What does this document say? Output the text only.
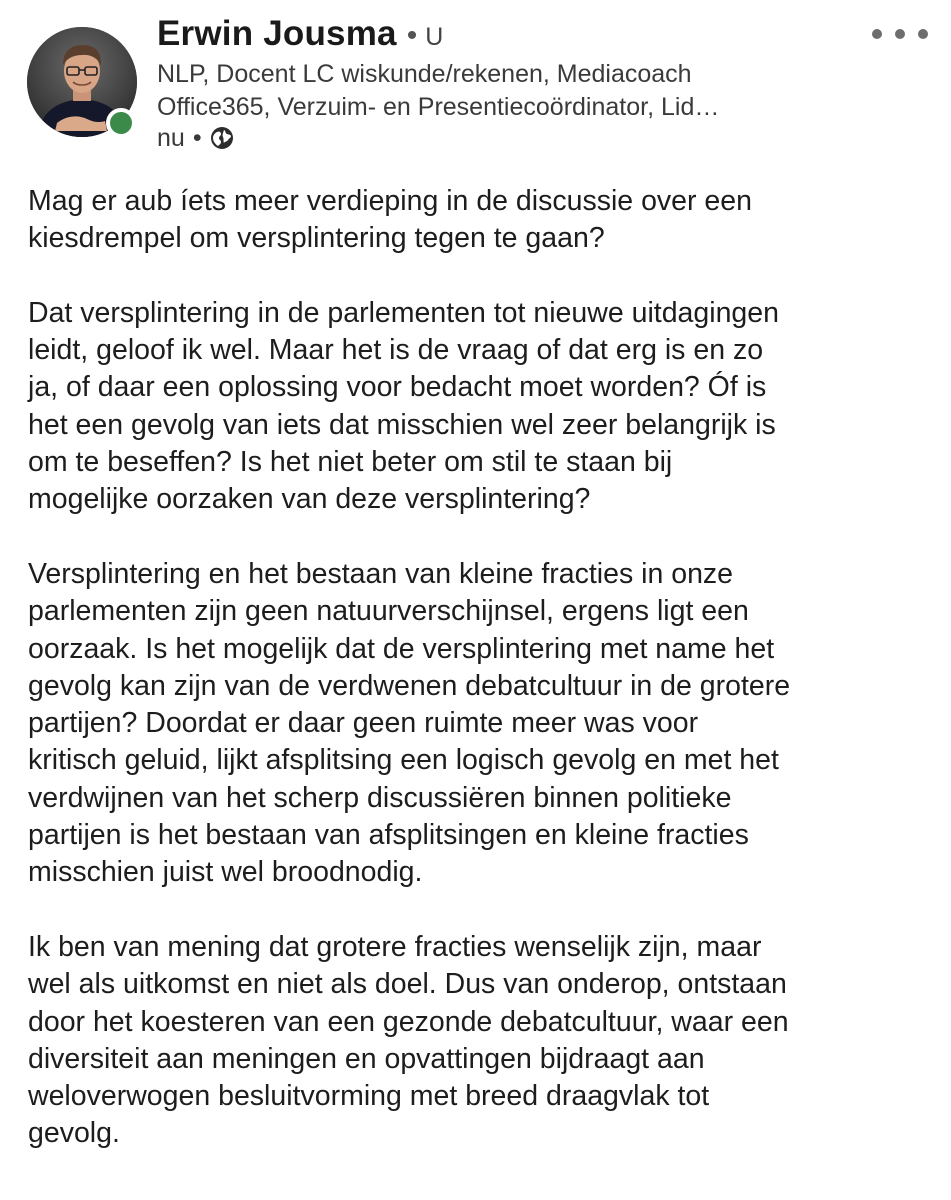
Erwin Jousma • U
NLP, Docent LC wiskunde/rekenen, Mediacoach
Office365, Verzuim- en Presentiecoördinator, Lid…
nu •

Mag er aub íets meer verdieping in de discussie over een
kiesdrempel om versplintering tegen te gaan?

Dat versplintering in de parlementen tot nieuwe uitdagingen
leidt, geloof ik wel. Maar het is de vraag of dat erg is en zo
ja, of daar een oplossing voor bedacht moet worden? Óf is
het een gevolg van iets dat misschien wel zeer belangrijk is
om te beseffen? Is het niet beter om stil te staan bij
mogelijke oorzaken van deze versplintering?

Versplintering en het bestaan van kleine fracties in onze
parlementen zijn geen natuurverschijnsel, ergens ligt een
oorzaak. Is het mogelijk dat de versplintering met name het
gevolg kan zijn van de verdwenen debatcultuur in de grotere
partijen? Doordat er daar geen ruimte meer was voor
kritisch geluid, lijkt afsplitsing een logisch gevolg en met het
verdwijnen van het scherp discussiëren binnen politieke
partijen is het bestaan van afsplitsingen en kleine fracties
misschien juist wel broodnodig.

Ik ben van mening dat grotere fracties wenselijk zijn, maar
wel als uitkomst en niet als doel. Dus van onderop, ontstaan
door het koesteren van een gezonde debatcultuur, waar een
diversiteit aan meningen en opvattingen bijdraagt aan
weloverwogen besluitvorming met breed draagvlak tot
gevolg.
